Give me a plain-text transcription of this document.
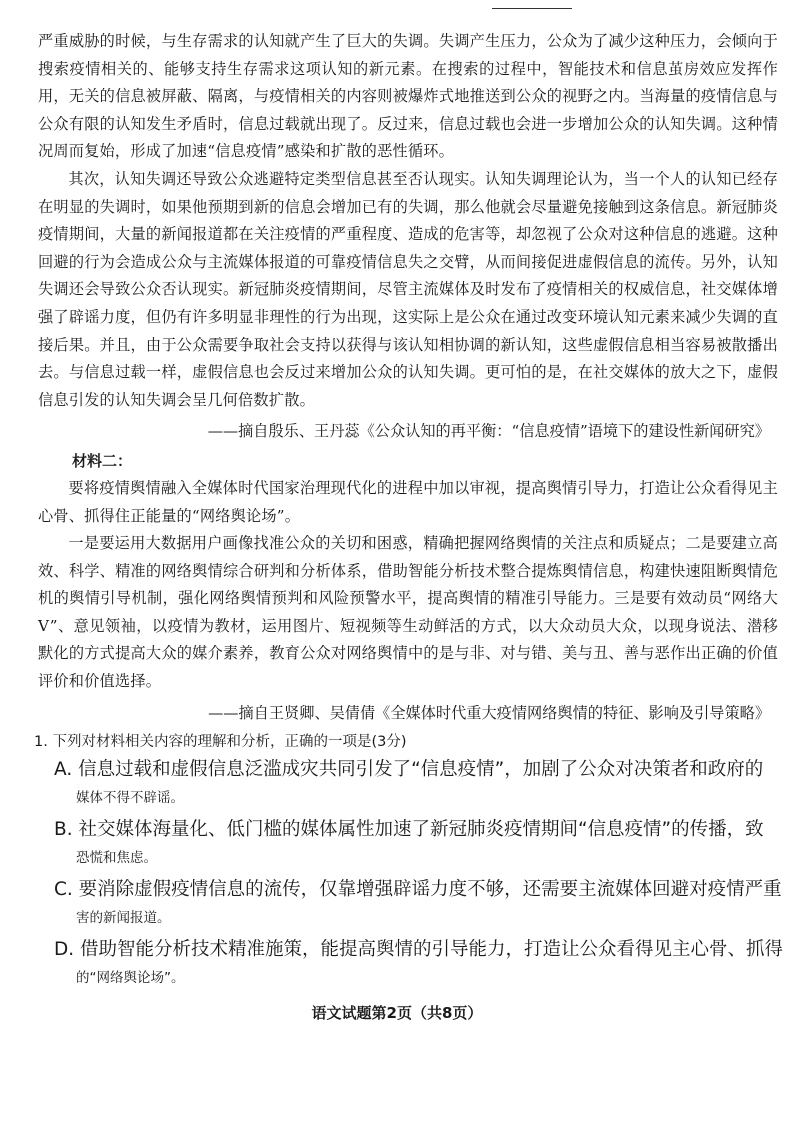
严重威胁的时候，与生存需求的认知就产生了巨大的失调。失调产生压力，公众为了减少这种压力，会倾向于搜索疫情相关的、能够支持生存需求这项认知的新元素。在搜索的过程中，智能技术和信息茧房效应发挥作用，无关的信息被屏蔽、隔离，与疫情相关的内容则被爆炸式地推送到公众的视野之内。当海量的疫情信息与公众有限的认知发生矛盾时，信息过载就出现了。反过来，信息过载也会进一步增加公众的认知失调。这种情况周而复始，形成了加速“信息疫情”感染和扩散的恶性循环。

其次，认知失调还导致公众逃避特定类型信息甚至否认现实。认知失调理论认为，当一个人的认知已经存在明显的失调时，如果他预期到新的信息会增加已有的失调，那么他就会尽量避免接触到这条信息。新冠肺炎疫情期间，大量的新闻报道都在关注疫情的严重程度、造成的危害等，却忽视了公众对这种信息的逃避。这种回避的行为会造成公众与主流媒体报道的可靠疫情信息失之交臂，从而间接促进虚假信息的流传。另外，认知失调还会导致公众否认现实。新冠肺炎疫情期间，尽管主流媒体及时发布了疫情相关的权威信息，社交媒体增强了辟谣力度，但仍有许多明显非理性的行为出现，这实际上是公众在通过改变环境认知元素来减少失调的直接后果。并且，由于公众需要争取社会支持以获得与该认知相协调的新认知，这些虚假信息相当容易被散播出去。与信息过载一样，虚假信息也会反过来增加公众的认知失调。更可怕的是，在社交媒体的放大之下，虚假信息引发的认知失调会呈几何倍数扩散。

——摘自殷乐、王丹蕊《公众认知的再平衡：“信息疫情”语境下的建设性新闻研究》

材料二：

要将疫情舆情融入全媒体时代国家治理现代化的进程中加以审视，提高舆情引导力，打造让公众看得见主心骨、抓得住正能量的“网络舆论场”。

一是要运用大数据用户画像找准公众的关切和困惑，精确把握网络舆情的关注点和质疑点；二是要建立高效、科学、精准的网络舆情综合研判和分析体系，借助智能分析技术整合提炼舆情信息，构建快速阻断舆情危机的舆情引导机制，强化网络舆情预判和风险预警水平，提高舆情的精准引导能力。三是要有效动员“网络大V”、意见领袖，以疫情为教材，运用图片、短视频等生动鲜活的方式，以大众动员大众，以现身说法、潜移默化的方式提高大众的媒介素养，教育公众对网络舆情中的是与非、对与错、美与丑、善与恶作出正确的价值评价和价值选择。

——摘自王贤卿、吴倩倩《全媒体时代重大疫情网络舆情的特征、影响及引导策略》

1. 下列对材料相关内容的理解和分析，正确的一项是(3分)
A. 信息过载和虚假信息泛滥成灾共同引发了“信息疫情”，加剧了公众对决策者和政府的
媒体不得不辟谣。
B. 社交媒体海量化、低门槛的媒体属性加速了新冠肺炎疫情期间“信息疫情”的传播，致
恐慌和焦虑。
C. 要消除虚假疫情信息的流传，仅靠增强辟谣力度不够，还需要主流媒体回避对疫情严重
害的新闻报道。
D. 借助智能分析技术精准施策，能提高舆情的引导能力，打造让公众看得见主心骨、抓得
的“网络舆论场”。
语文试题第2页（共8页）
